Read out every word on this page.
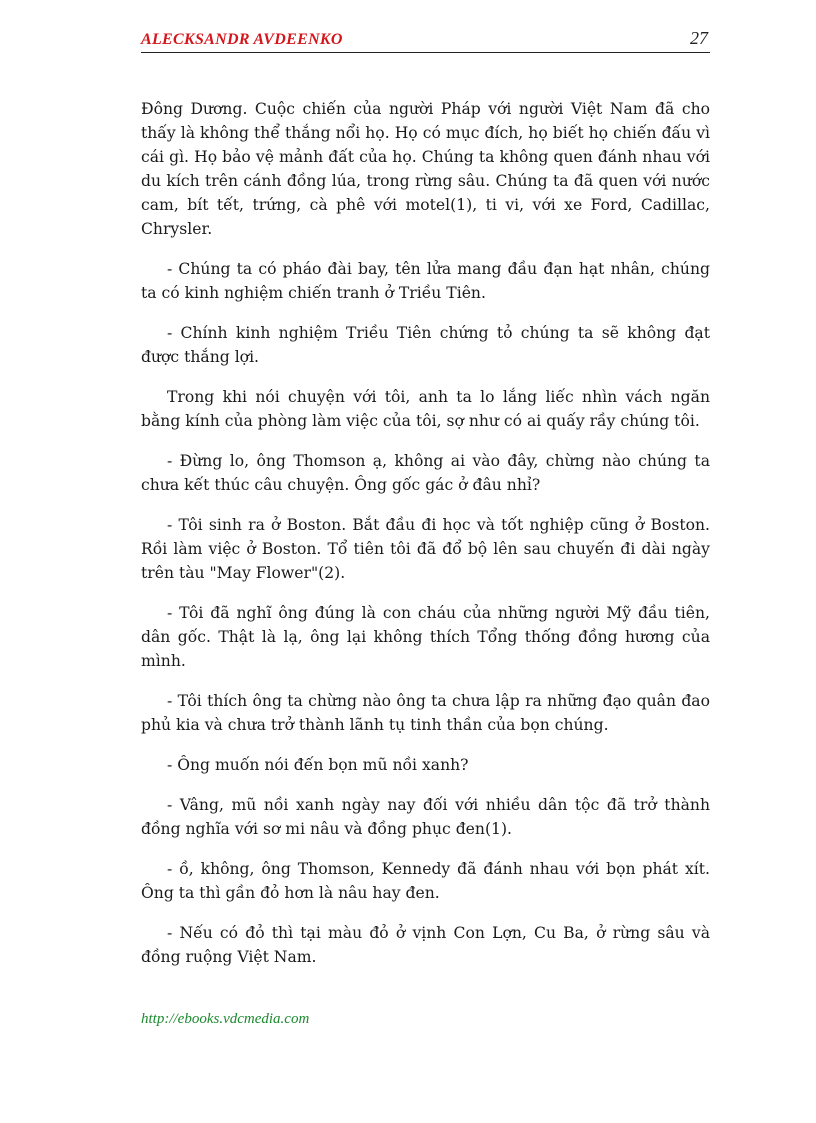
ALECKSANDR AVDEENKO	27

Đông Dương. Cuộc chiến của người Pháp với người Việt Nam đã cho thấy là không thể thắng nổi họ. Họ có mục đích, họ biết họ chiến đấu vì cái gì. Họ bảo vệ mảnh đất của họ. Chúng ta không quen đánh nhau với du kích trên cánh đồng lúa, trong rừng sâu. Chúng ta đã quen với nước cam, bít tết, trứng, cà phê với motel(1), ti vi, với xe Ford, Cadillac, Chrysler.

- Chúng ta có pháo đài bay, tên lửa mang đầu đạn hạt nhân, chúng ta có kinh nghiệm chiến tranh ở Triều Tiên.

- Chính kinh nghiệm Triều Tiên chứng tỏ chúng ta sẽ không đạt được thắng lợi.

Trong khi nói chuyện với tôi, anh ta lo lắng liếc nhìn vách ngăn bằng kính của phòng làm việc của tôi, sợ như có ai quấy rầy chúng tôi.

- Đừng lo, ông Thomson ạ, không ai vào đây, chừng nào chúng ta chưa kết thúc câu chuyện. Ông gốc gác ở đâu nhỉ?

- Tôi sinh ra ở Boston. Bắt đầu đi học và tốt nghiệp cũng ở Boston. Rồi làm việc ở Boston. Tổ tiên tôi đã đổ bộ lên sau chuyến đi dài ngày trên tàu "May Flower"(2).

- Tôi đã nghĩ ông đúng là con cháu của những người Mỹ đầu tiên, dân gốc. Thật là lạ, ông lại không thích Tổng thống đồng hương của mình.

- Tôi thích ông ta chừng nào ông ta chưa lập ra những đạo quân đao phủ kia và chưa trở thành lãnh tụ tinh thần của bọn chúng.

- Ông muốn nói đến bọn mũ nồi xanh?

- Vâng, mũ nồi xanh ngày nay đối với nhiều dân tộc đã trở thành đồng nghĩa với sơ mi nâu và đồng phục đen(1).

- ồ, không, ông Thomson, Kennedy đã đánh nhau với bọn phát xít. Ông ta thì gần đỏ hơn là nâu hay đen.

- Nếu có đỏ thì tại màu đỏ ở vịnh Con Lợn, Cu Ba, ở rừng sâu và đồng ruộng Việt Nam.

http://ebooks.vdcmedia.com
